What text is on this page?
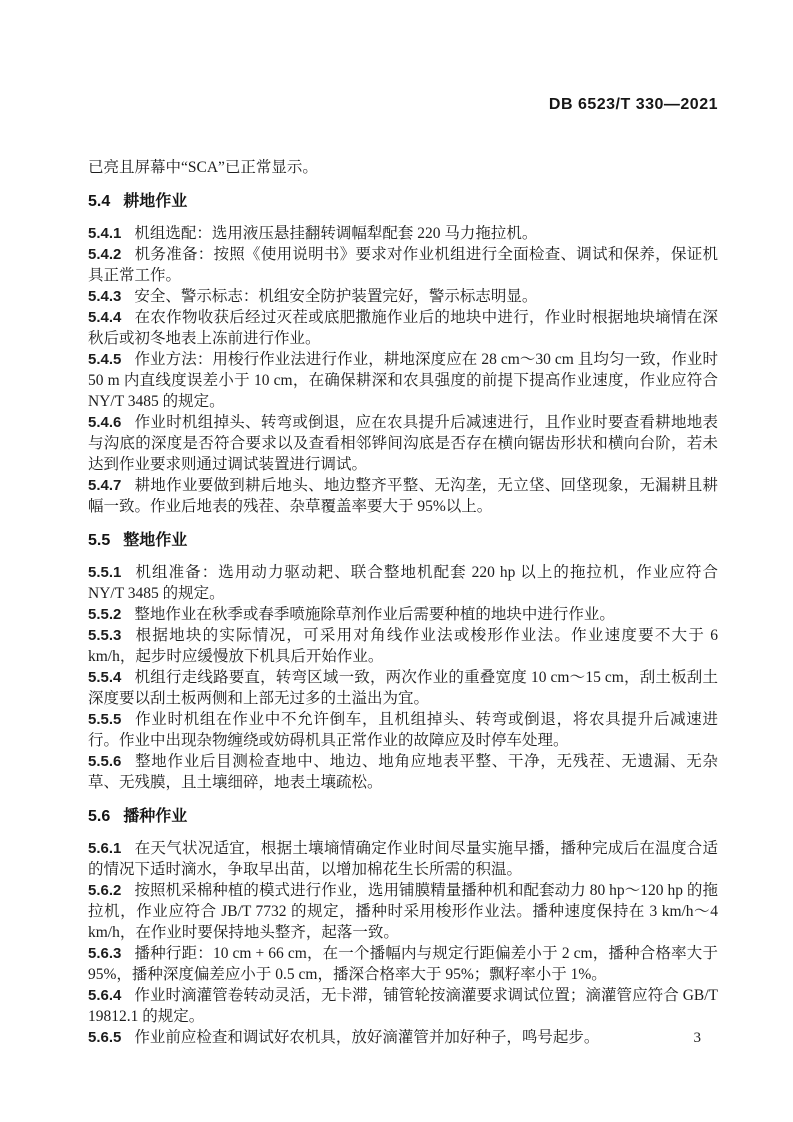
DB 6523/T 330—2021

已亮且屏幕中“SCA”已正常显示。

5.4 耕地作业

5.4.1 机组选配：选用液压悬挂翻转调幅犁配套 220 马力拖拉机。

5.4.2 机务准备：按照《使用说明书》要求对作业机组进行全面检查、调试和保养，保证机具正常工作。

5.4.3 安全、警示标志：机组安全防护装置完好，警示标志明显。

5.4.4 在农作物收获后经过灭茬或底肥撒施作业后的地块中进行，作业时根据地块墒情在深秋后或初冬地表上冻前进行作业。

5.4.5 作业方法：用梭行作业法进行作业，耕地深度应在 28 cm～30 cm 且均匀一致，作业时 50 m 内直线度误差小于 10 cm，在确保耕深和农具强度的前提下提高作业速度，作业应符合 NY/T 3485 的规定。

5.4.6 作业时机组掉头、转弯或倒退，应在农具提升后减速进行，且作业时要查看耕地地表与沟底的深度是否符合要求以及查看相邻铧间沟底是否存在横向锯齿形状和横向台阶，若未达到作业要求则通过调试装置进行调试。

5.4.7 耕地作业要做到耕后地头、地边整齐平整、无沟垄，无立垡、回垡现象，无漏耕且耕幅一致。作业后地表的残茬、杂草覆盖率要大于 95%以上。

5.5 整地作业

5.5.1 机组准备：选用动力驱动耙、联合整地机配套 220 hp 以上的拖拉机，作业应符合 NY/T 3485 的规定。

5.5.2 整地作业在秋季或春季喷施除草剂作业后需要种植的地块中进行作业。

5.5.3 根据地块的实际情况，可采用对角线作业法或梭形作业法。作业速度要不大于 6 km/h，起步时应缓慢放下机具后开始作业。

5.5.4 机组行走线路要直，转弯区域一致，两次作业的重叠宽度 10 cm～15 cm，刮土板刮土深度要以刮土板两侧和上部无过多的土溢出为宜。

5.5.5 作业时机组在作业中不允许倒车，且机组掉头、转弯或倒退，将农具提升后减速进行。作业中出现杂物缠绕或妨碍机具正常作业的故障应及时停车处理。

5.5.6 整地作业后目测检查地中、地边、地角应地表平整、干净，无残茬、无遗漏、无杂草、无残膜，且土壤细碎，地表土壤疏松。

5.6 播种作业

5.6.1 在天气状况适宜，根据土壤墒情确定作业时间尽量实施早播，播种完成后在温度合适的情况下适时滴水，争取早出苗，以增加棉花生长所需的积温。

5.6.2 按照机采棉种植的模式进行作业，选用铺膜精量播种机和配套动力 80 hp～120 hp 的拖拉机，作业应符合 JB/T 7732 的规定，播种时采用梭形作业法。播种速度保持在 3 km/h～4 km/h，在作业时要保持地头整齐，起落一致。

5.6.3 播种行距：10 cm + 66 cm，在一个播幅内与规定行距偏差小于 2 cm，播种合格率大于 95%，播种深度偏差应小于 0.5 cm，播深合格率大于 95%；飘籽率小于 1%。

5.6.4 作业时滴灌管卷转动灵活，无卡滞，铺管轮按滴灌要求调试位置；滴灌管应符合 GB/T 19812.1 的规定。

5.6.5 作业前应检查和调试好农机具，放好滴灌管并加好种子，鸣号起步。	3
